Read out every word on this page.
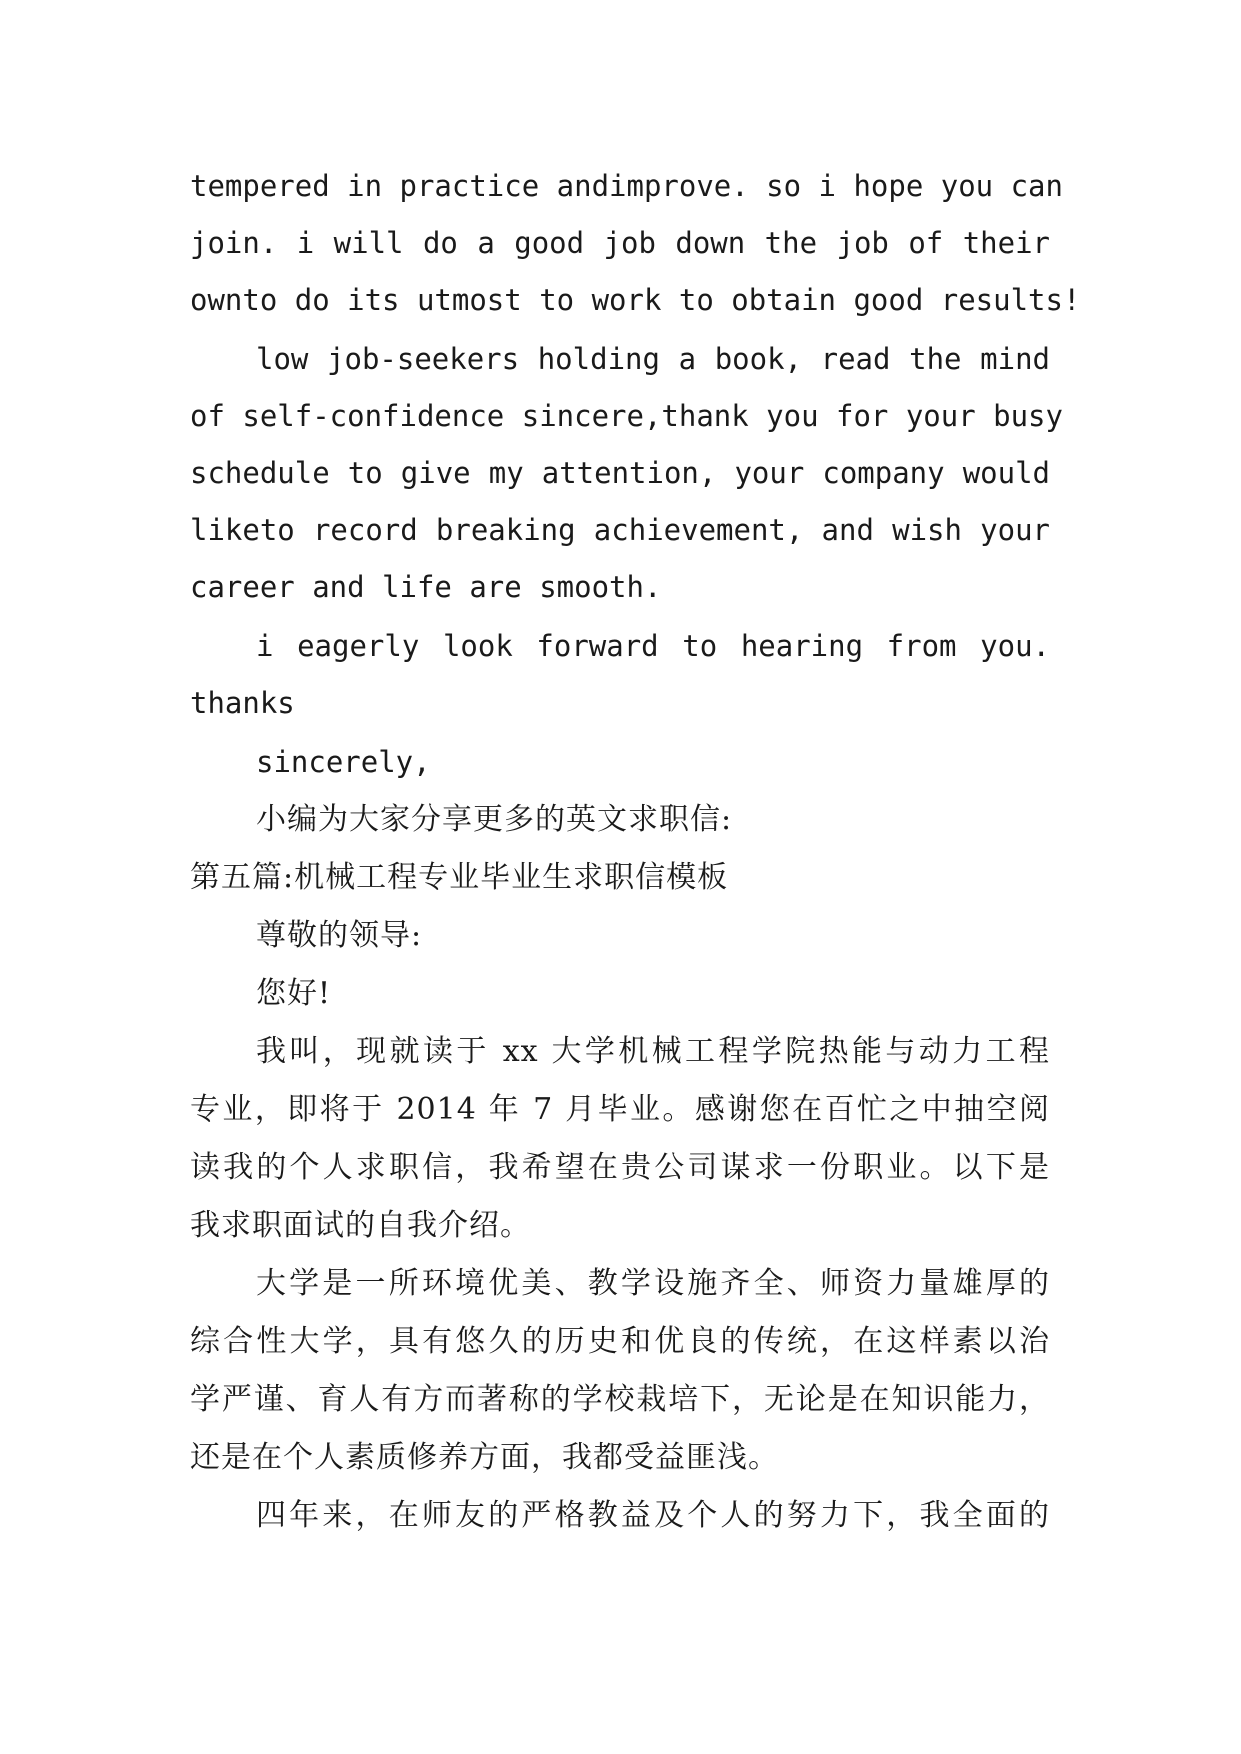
tempered in practice andimprove. so i hope you can
join. i will do a good job down the job of their
ownto do its utmost to work to obtain good results!
low job-seekers holding a book, read the mind
of self-confidence sincere,thank you for your busy
schedule to give my attention, your company would
liketo record breaking achievement, and wish your
career and life are smooth.
i eagerly look forward to hearing from you.
thanks
sincerely,
小编为大家分享更多的英文求职信:
第五篇:机械工程专业毕业生求职信模板
尊敬的领导:
您好!
我叫，现就读于 xx 大学机械工程学院热能与动力工程
专业，即将于 2014 年 7 月毕业。感谢您在百忙之中抽空阅
读我的个人求职信，我希望在贵公司谋求一份职业。以下是
我求职面试的自我介绍。
大学是一所环境优美、教学设施齐全、师资力量雄厚的
综合性大学，具有悠久的历史和优良的传统，在这样素以治
学严谨、育人有方而著称的学校栽培下，无论是在知识能力，
还是在个人素质修养方面，我都受益匪浅。
四年来，在师友的严格教益及个人的努力下，我全面的
